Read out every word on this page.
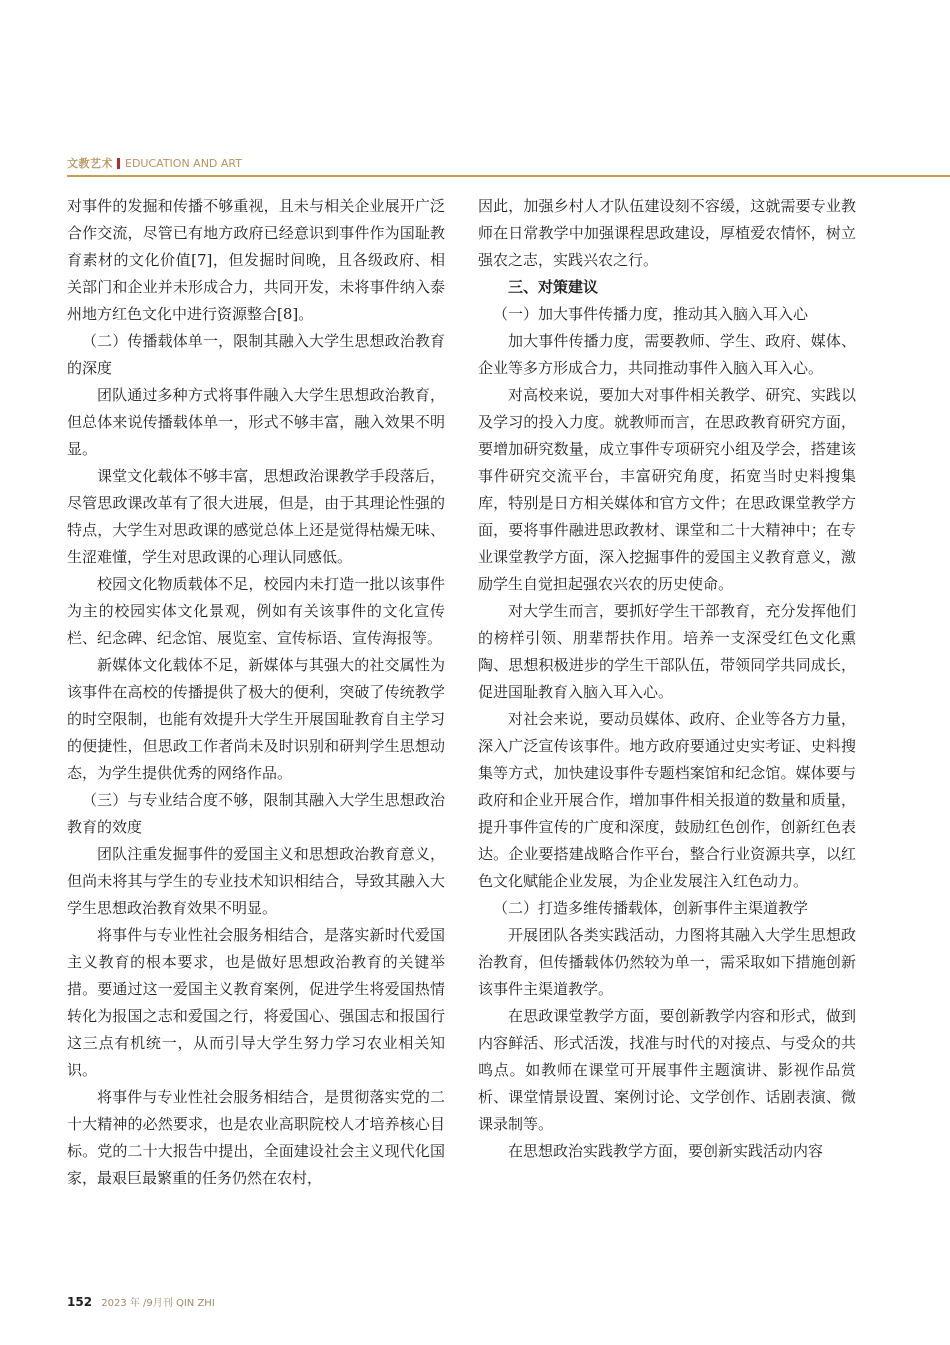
文教艺术 EDUCATION AND ART

对事件的发掘和传播不够重视，且未与相关企业展开广泛合作交流，尽管已有地方政府已经意识到事件作为国耻教育素材的文化价值[7]，但发掘时间晚，且各级政府、相关部门和企业并未形成合力，共同开发，未将事件纳入泰州地方红色文化中进行资源整合[8]。

（二）传播载体单一，限制其融入大学生思想政治教育的深度

团队通过多种方式将事件融入大学生思想政治教育，但总体来说传播载体单一，形式不够丰富，融入效果不明显。

课堂文化载体不够丰富，思想政治课教学手段落后，尽管思政课改革有了很大进展，但是，由于其理论性强的特点，大学生对思政课的感觉总体上还是觉得枯燥无味、生涩难懂，学生对思政课的心理认同感低。

校园文化物质载体不足，校园内未打造一批以该事件为主的校园实体文化景观，例如有关该事件的文化宣传栏、纪念碑、纪念馆、展览室、宣传标语、宣传海报等。

新媒体文化载体不足，新媒体与其强大的社交属性为该事件在高校的传播提供了极大的便利，突破了传统教学的时空限制，也能有效提升大学生开展国耻教育自主学习的便捷性，但思政工作者尚未及时识别和研判学生思想动态，为学生提供优秀的网络作品。

（三）与专业结合度不够，限制其融入大学生思想政治教育的效度

团队注重发掘事件的爱国主义和思想政治教育意义，但尚未将其与学生的专业技术知识相结合，导致其融入大学生思想政治教育效果不明显。

将事件与专业性社会服务相结合，是落实新时代爱国主义教育的根本要求，也是做好思想政治教育的关键举措。要通过这一爱国主义教育案例，促进学生将爱国热情转化为报国之志和爱国之行，将爱国心、强国志和报国行这三点有机统一，从而引导大学生努力学习农业相关知识。

将事件与专业性社会服务相结合，是贯彻落实党的二十大精神的必然要求，也是农业高职院校人才培养核心目标。党的二十大报告中提出，全面建设社会主义现代化国家，最艰巨最繁重的任务仍然在农村，

因此，加强乡村人才队伍建设刻不容缓，这就需要专业教师在日常教学中加强课程思政建设，厚植爱农情怀，树立强农之志，实践兴农之行。

三、对策建议

（一）加大事件传播力度，推动其入脑入耳入心

加大事件传播力度，需要教师、学生、政府、媒体、企业等多方形成合力，共同推动事件入脑入耳入心。

对高校来说，要加大对事件相关教学、研究、实践以及学习的投入力度。就教师而言，在思政教育研究方面，要增加研究数量，成立事件专项研究小组及学会，搭建该事件研究交流平台，丰富研究角度，拓宽当时史料搜集库，特别是日方相关媒体和官方文件；在思政课堂教学方面，要将事件融进思政教材、课堂和二十大精神中；在专业课堂教学方面，深入挖掘事件的爱国主义教育意义，激励学生自觉担起强农兴农的历史使命。

对大学生而言，要抓好学生干部教育，充分发挥他们的榜样引领、朋辈帮扶作用。培养一支深受红色文化熏陶、思想积极进步的学生干部队伍，带领同学共同成长，促进国耻教育入脑入耳入心。

对社会来说，要动员媒体、政府、企业等各方力量，深入广泛宣传该事件。地方政府要通过史实考证、史料搜集等方式，加快建设事件专题档案馆和纪念馆。媒体要与政府和企业开展合作，增加事件相关报道的数量和质量，提升事件宣传的广度和深度，鼓励红色创作，创新红色表达。企业要搭建战略合作平台，整合行业资源共享，以红色文化赋能企业发展，为企业发展注入红色动力。

（二）打造多维传播载体，创新事件主渠道教学

开展团队各类实践活动，力图将其融入大学生思想政治教育，但传播载体仍然较为单一，需采取如下措施创新该事件主渠道教学。

在思政课堂教学方面，要创新教学内容和形式，做到内容鲜活、形式活泼，找准与时代的对接点、与受众的共鸣点。如教师在课堂可开展事件主题演讲、影视作品赏析、课堂情景设置、案例讨论、文学创作、话剧表演、微课录制等。

在思想政治实践教学方面，要创新实践活动内容

152 2023 年 /9月刊 QIN ZHI
